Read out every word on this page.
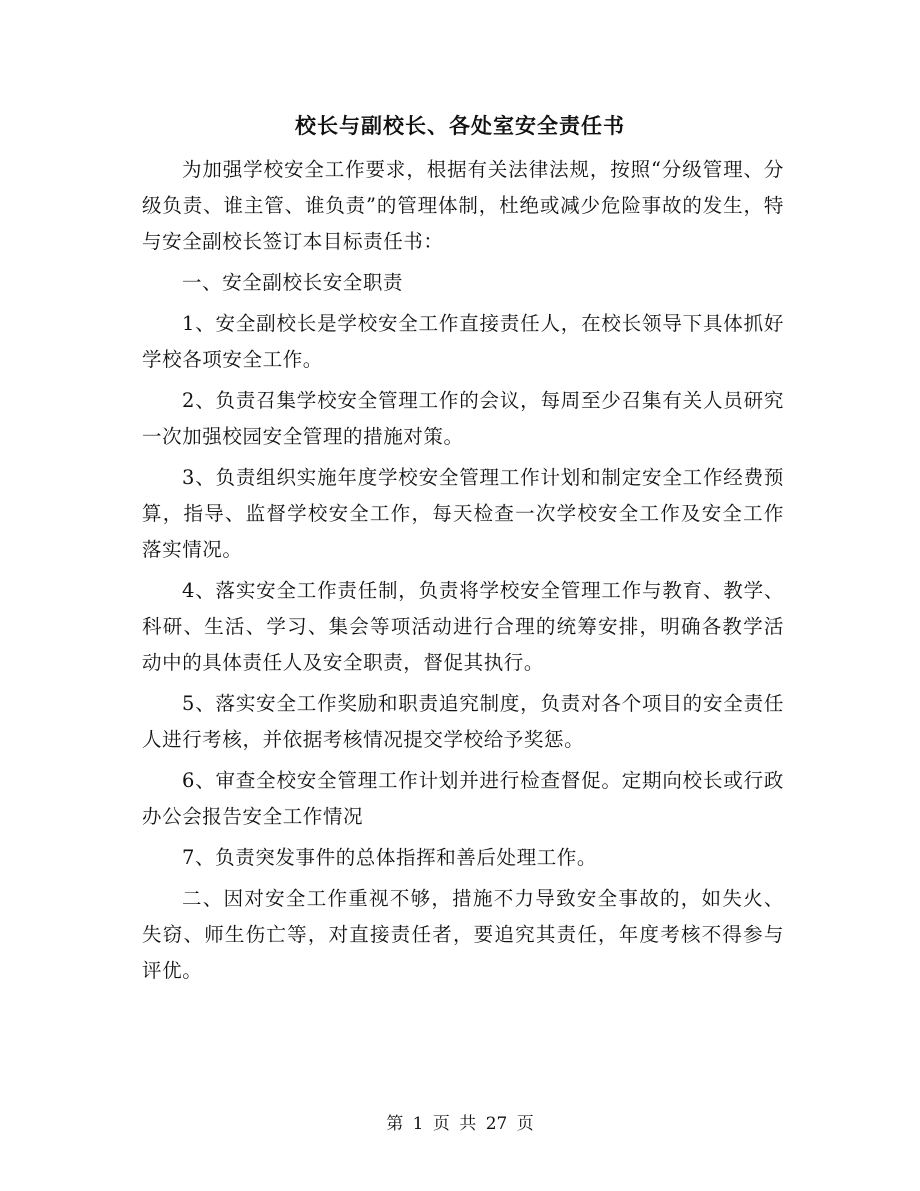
校长与副校长、各处室安全责任书

为加强学校安全工作要求，根据有关法律法规，按照“分级管理、分级负责、谁主管、谁负责”的管理体制，杜绝或减少危险事故的发生，特与安全副校长签订本目标责任书：

一、安全副校长安全职责

1、安全副校长是学校安全工作直接责任人，在校长领导下具体抓好学校各项安全工作。

2、负责召集学校安全管理工作的会议，每周至少召集有关人员研究一次加强校园安全管理的措施对策。

3、负责组织实施年度学校安全管理工作计划和制定安全工作经费预算，指导、监督学校安全工作，每天检查一次学校安全工作及安全工作落实情况。

4、落实安全工作责任制，负责将学校安全管理工作与教育、教学、科研、生活、学习、集会等项活动进行合理的统筹安排，明确各教学活动中的具体责任人及安全职责，督促其执行。

5、落实安全工作奖励和职责追究制度，负责对各个项目的安全责任人进行考核，并依据考核情况提交学校给予奖惩。

6、审查全校安全管理工作计划并进行检查督促。定期向校长或行政办公会报告安全工作情况

7、负责突发事件的总体指挥和善后处理工作。

二、因对安全工作重视不够，措施不力导致安全事故的，如失火、失窃、师生伤亡等，对直接责任者，要追究其责任，年度考核不得参与评优。

第 1 页 共 27 页
